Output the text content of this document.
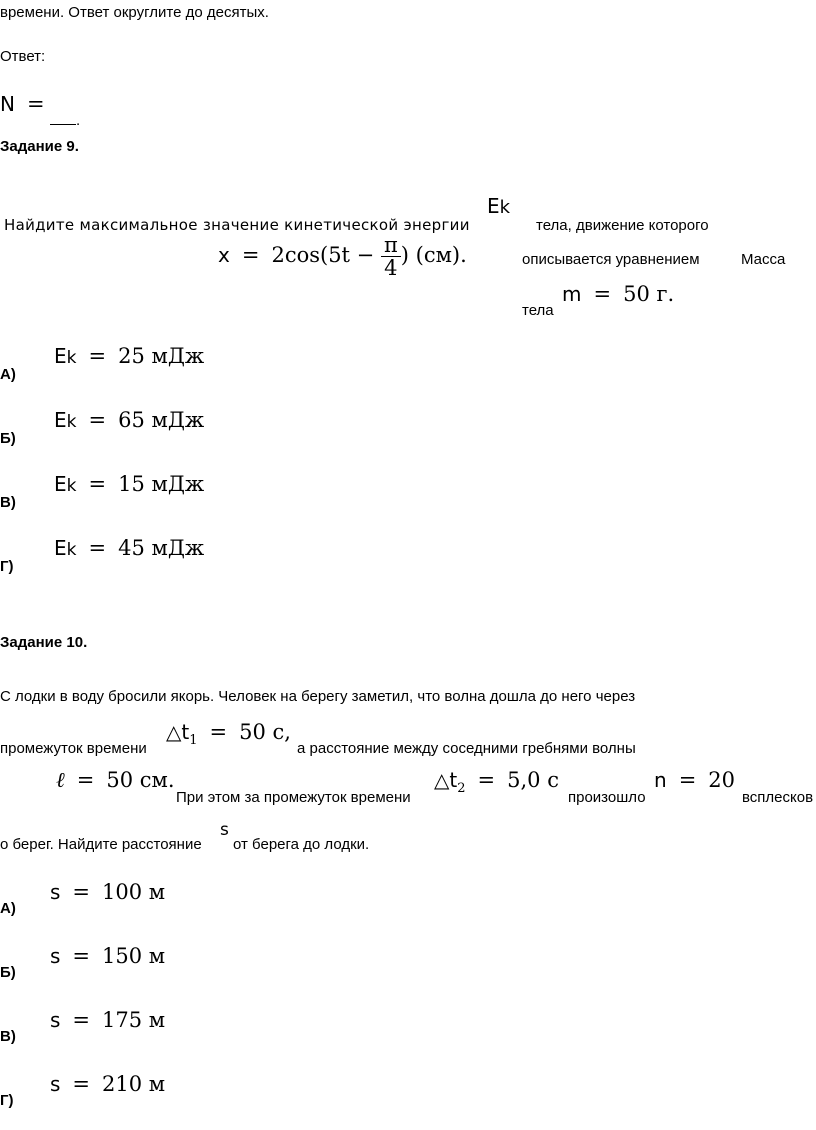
времени. Ответ округлите до десятых.
Ответ:
N =
.
Задание 9.
Найдите максимальное значение кинетической энергии
Ek
тела, движение которого
$x = 2\cos(5t - \frac{\pi}{4}$ ) (см).	описывается уравнением	Масса
тела
m = 50 г.
А)
Ek = 25 мДж
Б)
Ek = 65 мДж
В)
Ek = 15 мДж
Г)
Ek = 45 мДж
Задание 10.
С лодки в воду бросили якорь. Человек на берегу заметил, что волна дошла до него через
промежуток времени
$\triangle t_1 = 50$ с,
а расстояние между соседними гребнями волны
ℓ = 50 см.
При этом за промежуток времени
$\triangle t_2 = 5,0$ с
произошло
n = 20
всплесков
о берег. Найдите расстояние
s
от берега до лодки.
А)
s = 100 м
Б)
s = 150 м
В)
s = 175 м
Г)
s = 210 м
